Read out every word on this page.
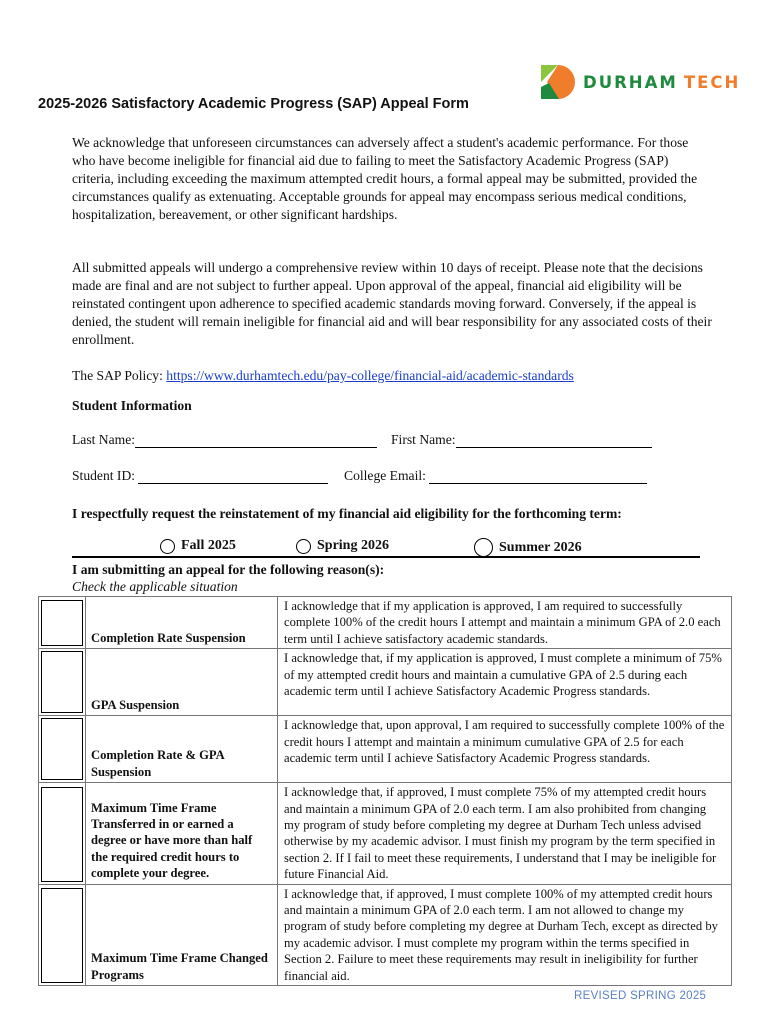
DURHAM TECH
2025-2026 Satisfactory Academic Progress (SAP) Appeal Form
We acknowledge that unforeseen circumstances can adversely affect a student's academic performance. For those who have become ineligible for financial aid due to failing to meet the Satisfactory Academic Progress (SAP) criteria, including exceeding the maximum attempted credit hours, a formal appeal may be submitted, provided the circumstances qualify as extenuating. Acceptable grounds for appeal may encompass serious medical conditions, hospitalization, bereavement, or other significant hardships.
All submitted appeals will undergo a comprehensive review within 10 days of receipt. Please note that the decisions made are final and are not subject to further appeal. Upon approval of the appeal, financial aid eligibility will be reinstated contingent upon adherence to specified academic standards moving forward. Conversely, if the appeal is denied, the student will remain ineligible for financial aid and will bear responsibility for any associated costs of their enrollment.
The SAP Policy: https://www.durhamtech.edu/pay-college/financial-aid/academic-standards
Student Information
Last Name:	First Name:
Student ID:	College Email:
I respectfully request the reinstatement of my financial aid eligibility for the forthcoming term:
Fall 2025	Spring 2026	Summer 2026
I am submitting an appeal for the following reason(s):
Check the applicable situation
	Completion Rate Suspension	I acknowledge that if my application is approved, I am required to successfully complete 100% of the credit hours I attempt and maintain a minimum GPA of 2.0 each term until I achieve satisfactory academic standards.

	GPA Suspension	I acknowledge that, if my application is approved, I must complete a minimum of 75% of my attempted credit hours and maintain a cumulative GPA of 2.5 during each academic term until I achieve Satisfactory Academic Progress standards.

	Completion Rate & GPA Suspension	I acknowledge that, upon approval, I am required to successfully complete 100% of the credit hours I attempt and maintain a minimum cumulative GPA of 2.5 for each academic term until I achieve Satisfactory Academic Progress standards.

	Maximum Time Frame Transferred in or earned a degree or have more than half the required credit hours to complete your degree.	I acknowledge that, if approved, I must complete 75% of my attempted credit hours and maintain a minimum GPA of 2.0 each term. I am also prohibited from changing my program of study before completing my degree at Durham Tech unless advised otherwise by my academic advisor. I must finish my program by the term specified in section 2. If I fail to meet these requirements, I understand that I may be ineligible for future Financial Aid.

	Maximum Time Frame Changed Programs	I acknowledge that, if approved, I must complete 100% of my attempted credit hours and maintain a minimum GPA of 2.0 each term. I am not allowed to change my program of study before completing my degree at Durham Tech, except as directed by my academic advisor. I must complete my program within the terms specified in Section 2. Failure to meet these requirements may result in ineligibility for further financial aid.
REVISED SPRING 2025
